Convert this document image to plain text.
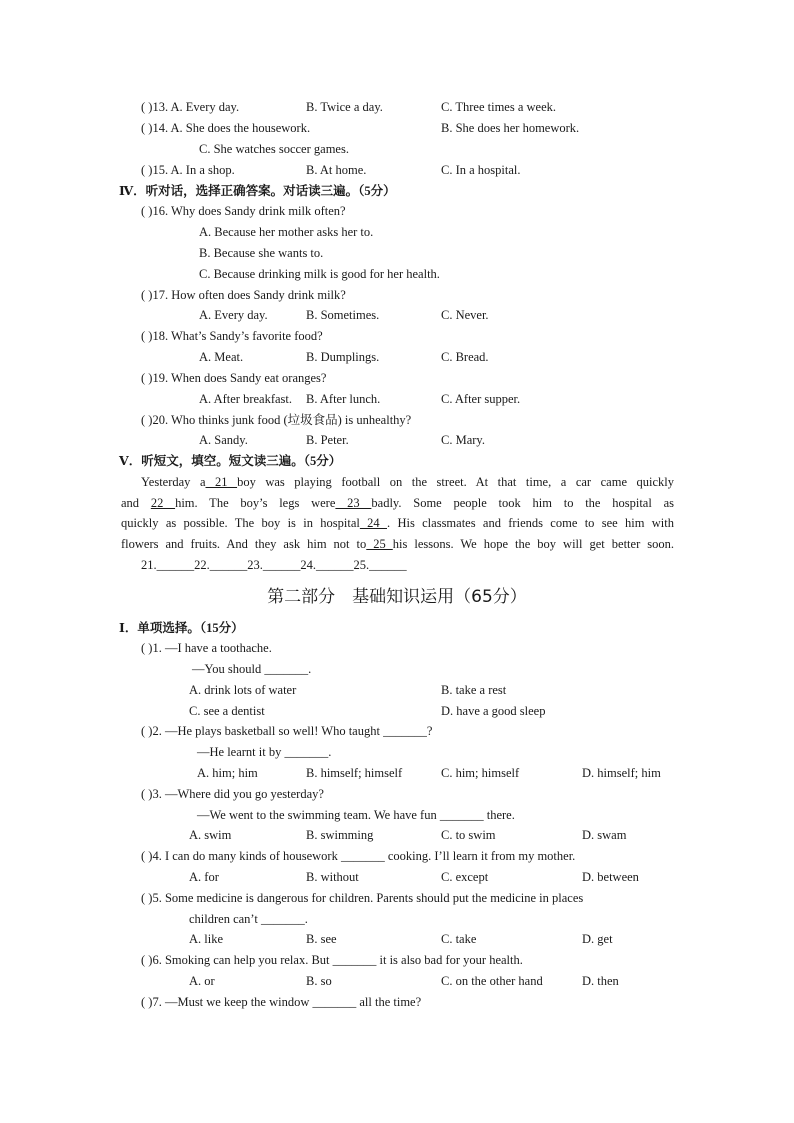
( )13. A. Every day.	B. Twice a day.	C. Three times a week.
( )14. A. She does the housework.	B. She does her homework.
C. She watches soccer games.
( )15. A. In a shop.	B. At home.	C. In a hospital.
Ⅳ．听对话，选择正确答案。对话读三遍。（5分）
( )16. Why does Sandy drink milk often?
A. Because her mother asks her to.
B. Because she wants to.
C. Because drinking milk is good for her health.
( )17. How often does Sandy drink milk?
A. Every day.	B. Sometimes.	C. Never.
( )18. What’s Sandy’s favorite food?
A. Meat.	B. Dumplings.	C. Bread.
( )19. When does Sandy eat oranges?
A. After breakfast. B. After lunch.	C. After supper.
( )20. Who thinks junk food (垃圾食品) is unhealthy?
A. Sandy.	B. Peter.	C. Mary.
Ⅴ．听短文，填空。短文读三遍。（5分）
Yesterday a 21 boy was playing football on the street. At that time, a car came quickly
and 22 him. The boy’s legs were 23 badly. Some people took him to the hospital as
quickly as possible. The boy is in hospital 24 . His classmates and friends come to see him with
flowers and fruits. And they ask him not to 25 his lessons. We hope the boy will get better soon.
21.______22.______23.______24.______25.______
第二部分　基础知识运用（65分）
Ⅰ．单项选择。（15分）
( )1. —I have a toothache.
—You should _______.
A. drink lots of water	B. take a rest
C. see a dentist	D. have a good sleep
( )2. —He plays basketball so well! Who taught _______?
—He learnt it by _______.
A. him; him	B. himself; himself	C. him; himself	D. himself; him
( )3. —Where did you go yesterday?
—We went to the swimming team. We have fun _______ there.
A. swim	B. swimming	C. to swim	D. swam
( )4. I can do many kinds of housework _______ cooking. I’ll learn it from my mother.
A. for	B. without	C. except	D. between
( )5. Some medicine is dangerous for children. Parents should put the medicine in places
children can’t _______.
A. like	B. see	C. take	D. get
( )6. Smoking can help you relax. But _______ it is also bad for your health.
A. or	B. so	C. on the other hand	D. then
( )7. —Must we keep the window _______ all the time?
